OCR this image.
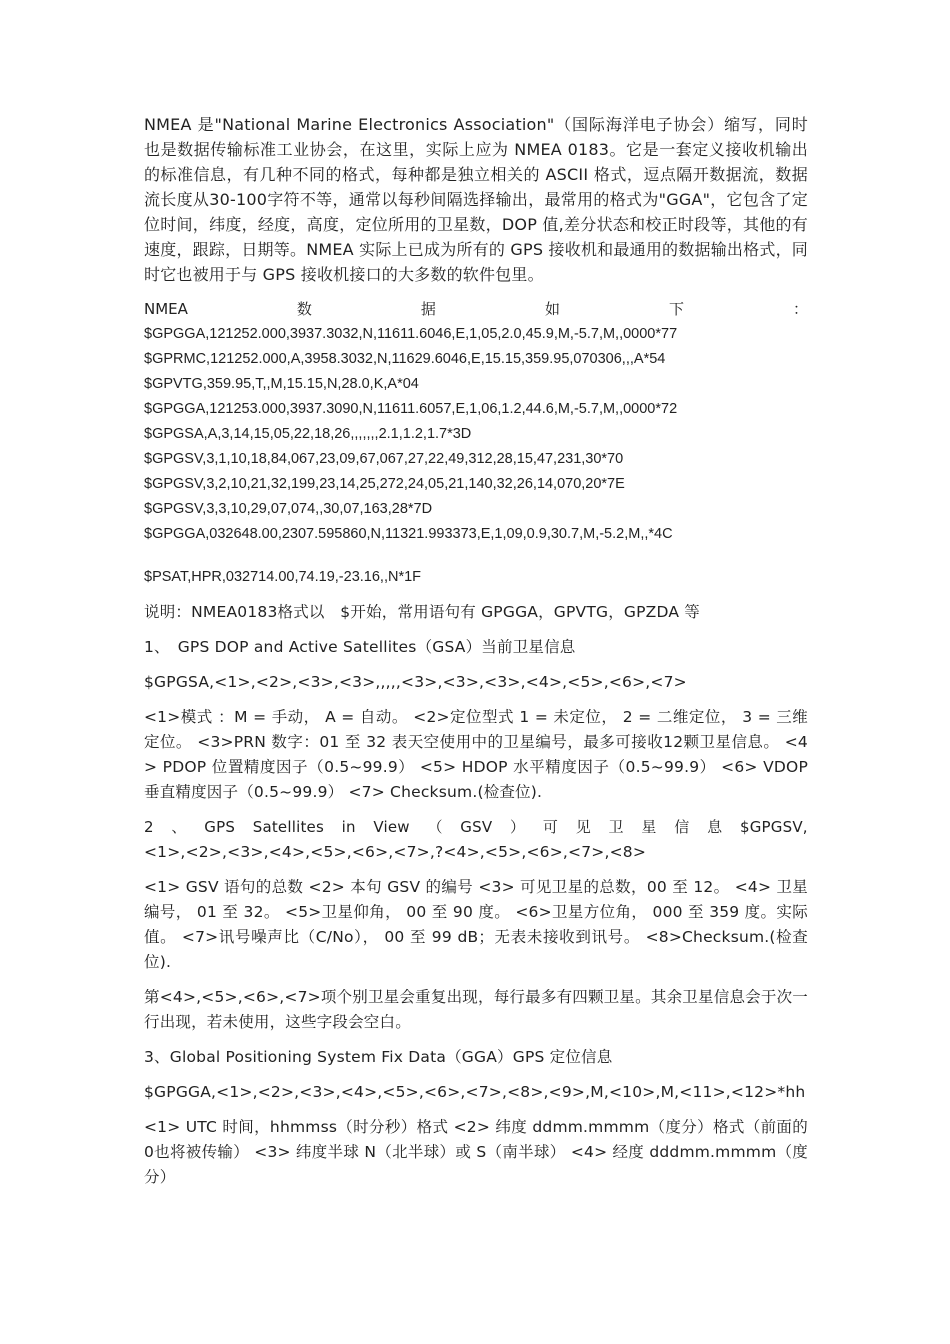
NMEA 是"National Marine Electronics Association"（国际海洋电子协会）缩写，同时也是数据传输标准工业协会，在这里，实际上应为 NMEA 0183。它是一套定义接收机输出的标准信息，有几种不同的格式，每种都是独立相关的 ASCII 格式，逗点隔开数据流，数据流长度从30-100字符不等，通常以每秒间隔选择输出，最常用的格式为"GGA"，它包含了定位时间，纬度，经度，高度，定位所用的卫星数，DOP 值,差分状态和校正时段等，其他的有速度，跟踪，日期等。NMEA 实际上已成为所有的 GPS 接收机和最通用的数据输出格式，同时它也被用于与 GPS 接收机接口的大多数的软件包里。

NMEA	数	据	如	下	：
$GPGGA,121252.000,3937.3032,N,11611.6046,E,1,05,2.0,45.9,M,-5.7,M,,0000*77
$GPRMC,121252.000,A,3958.3032,N,11629.6046,E,15.15,359.95,070306,,,A*54
$GPVTG,359.95,T,,M,15.15,N,28.0,K,A*04
$GPGGA,121253.000,3937.3090,N,11611.6057,E,1,06,1.2,44.6,M,-5.7,M,,0000*72
$GPGSA,A,3,14,15,05,22,18,26,,,,,,,2.1,1.2,1.7*3D
$GPGSV,3,1,10,18,84,067,23,09,67,067,27,22,49,312,28,15,47,231,30*70
$GPGSV,3,2,10,21,32,199,23,14,25,272,24,05,21,140,32,26,14,070,20*7E
$GPGSV,3,3,10,29,07,074,,30,07,163,28*7D
$GPGGA,032648.00,2307.595860,N,11321.993373,E,1,09,0.9,30.7,M,-5.2,M,,*4C

$PSAT,HPR,032714.00,74.19,-23.16,,N*1F

说明：NMEA0183格式以　$开始，常用语句有 GPGGA，GPVTG，GPZDA 等

1、　GPS DOP and Active Satellites（GSA）当前卫星信息

$GPGSA,<1>,<2>,<3>,<3>,,,,,<3>,<3>,<3>,<4>,<5>,<6>,<7>

<1>模式 ：M = 手动， A = 自动。 <2>定位型式 1 = 未定位， 2 = 二维定位， 3 = 三维定位。 <3>PRN 数字：01 至 32 表天空使用中的卫星编号，最多可接收12颗卫星信息。 <4> PDOP 位置精度因子（0.5~99.9） <5> HDOP 水平精度因子（0.5~99.9） <6> VDOP 垂直精度因子（0.5~99.9） <7> Checksum.(检查位).

2 、 GPS Satellites in View （ GSV ） 可 见 卫 星 信 息 $GPGSV,
<1>,<2>,<3>,<4>,<5>,<6>,<7>,?<4>,<5>,<6>,<7>,<8>

<1> GSV 语句的总数 <2> 本句 GSV 的编号 <3> 可见卫星的总数，00 至 12。 <4> 卫星编号， 01 至 32。 <5>卫星仰角， 00 至 90 度。 <6>卫星方位角， 000 至 359 度。实际值。 <7>讯号噪声比（C/No）， 00 至 99 dB；无表未接收到讯号。 <8>Checksum.(检查位).

第<4>,<5>,<6>,<7>项个别卫星会重复出现，每行最多有四颗卫星。其余卫星信息会于次一行出现，若未使用，这些字段会空白。

3、Global Positioning System Fix Data（GGA）GPS 定位信息

$GPGGA,<1>,<2>,<3>,<4>,<5>,<6>,<7>,<8>,<9>,M,<10>,M,<11>,<12>*hh

<1> UTC 时间，hhmmss（时分秒）格式 <2> 纬度 ddmm.mmmm（度分）格式（前面的0也将被传输） <3> 纬度半球 N（北半球）或 S（南半球） <4> 经度 dddmm.mmmm（度分）
